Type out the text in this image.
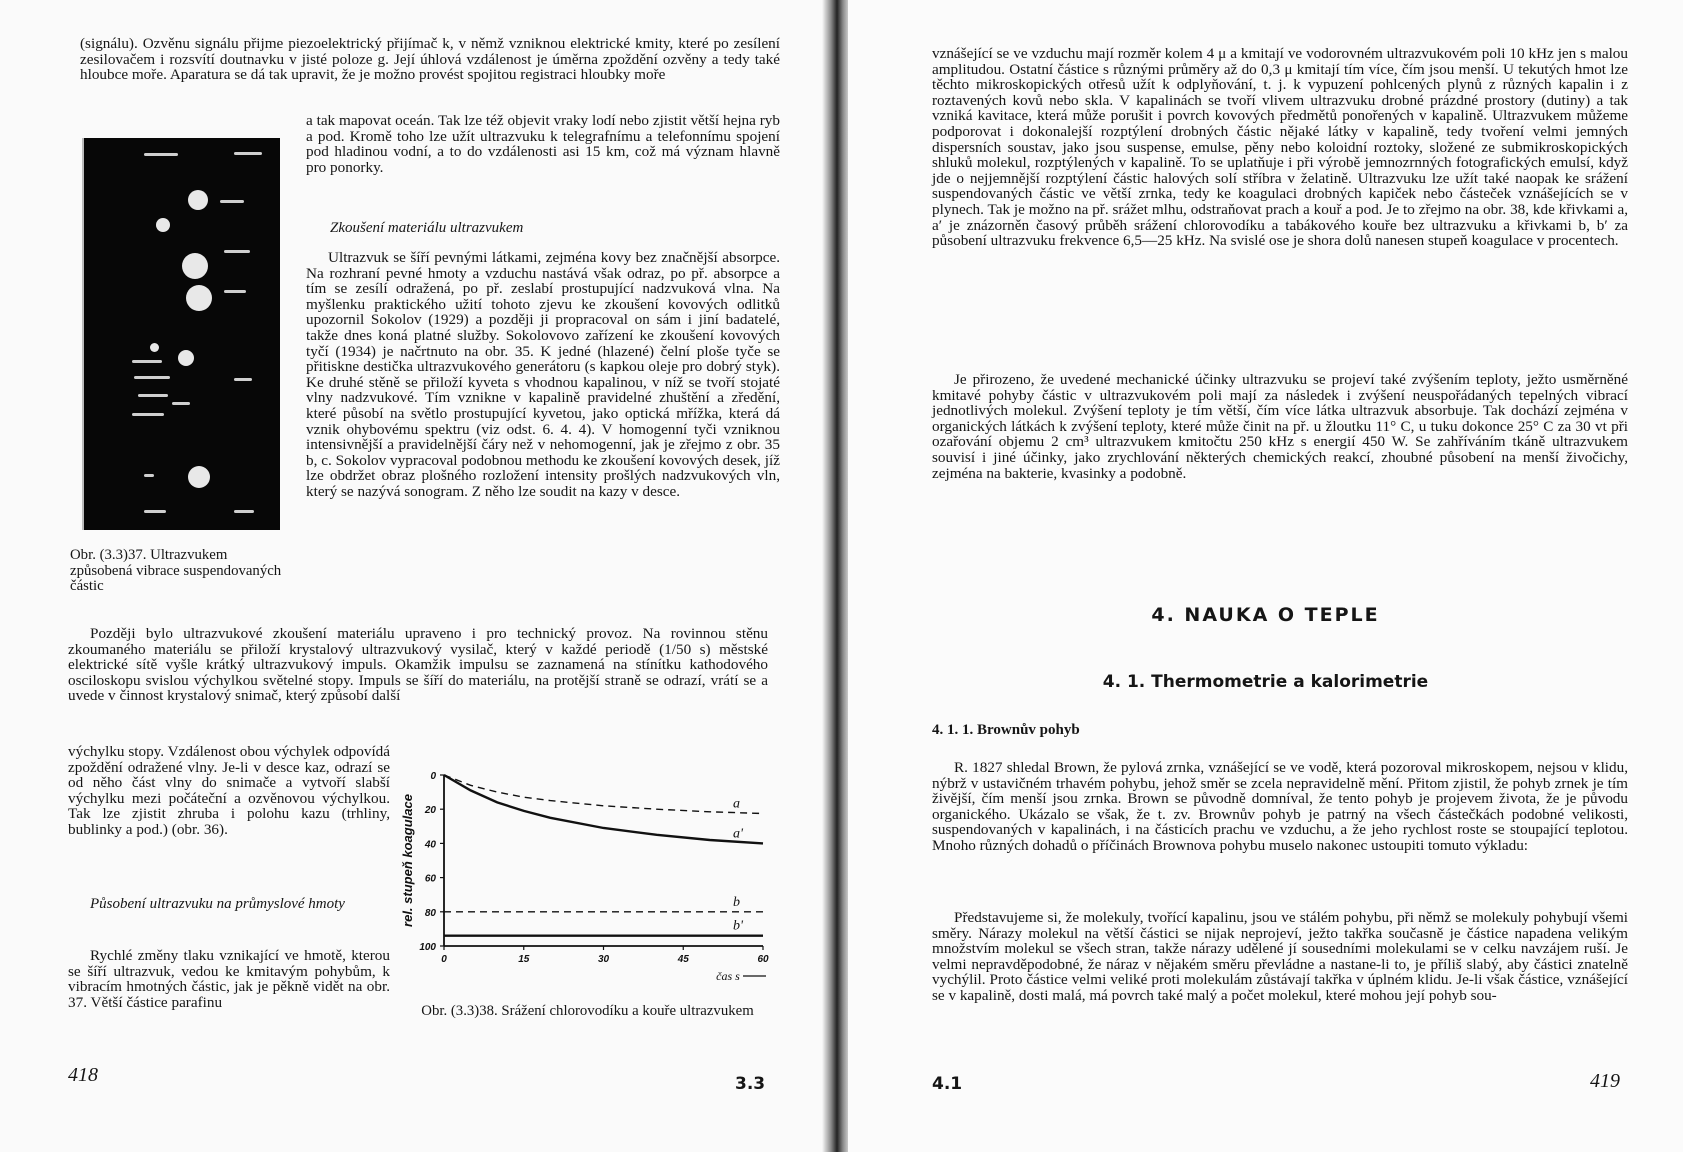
(signálu). Ozvěnu signálu přijme piezoelektrický přijímač k, v němž vzniknou elektrické kmity, které po zesílení zesilovačem i rozsvítí doutnavku v jisté poloze g. Její úhlová vzdálenost je úměrna zpoždění ozvěny a tedy také hloubce moře. Aparatura se dá tak upravit, že je možno provést spojitou registraci hloubky moře

a tak mapovat oceán. Tak lze též objevit vraky lodí nebo zjistit větší hejna ryb a pod. Kromě toho lze užít ultrazvuku k telegrafnímu a telefonnímu spojení pod hladinou vodní, a to do vzdálenosti asi 15 km, což má význam hlavně pro ponorky.

Zkoušení materiálu ultrazvukem

Ultrazvuk se šíří pevnými látkami, zejména kovy bez značnější absorpce. Na rozhraní pevné hmoty a vzduchu nastává však odraz, po př. absorpce a tím se zesílí odražená, po př. zeslabí prostupující nadzvuková vlna. Na myšlenku praktického užití tohoto zjevu ke zkoušení kovových odlitků upozornil Sokolov (1929) a později ji propracoval on sám i jiní badatelé, takže dnes koná platné služby. Sokolovovo zařízení ke zkoušení kovových tyčí (1934) je načrtnuto na obr. 35. K jedné (hlazené) čelní ploše tyče se přitiskne destička ultrazvukového generátoru (s kapkou oleje pro dobrý styk). Ke druhé stěně se přiloží kyveta s vhodnou kapalinou, v níž se tvoří stojaté vlny nadzvukové. Tím vznikne v kapalině pravidelné zhuštění a zředění, které působí na světlo prostupující kyvetou, jako optická mřížka, která dá vznik ohybovému spektru (viz odst. 6. 4. 4). V homogenní tyči vzniknou intensivnější a pravidelnější čáry než v nehomogenní, jak je zřejmo z obr. 35 b, c. Sokolov vypracoval podobnou methodu ke zkoušení kovových desek, jíž lze obdržet obraz plošného rozložení intensity prošlých nadzvukových vln, který se nazývá sonogram. Z něho lze soudit na kazy v desce.

Obr. (3.3)37. Ultrazvukem způsobená vibrace suspendovaných částic

Později bylo ultrazvukové zkoušení materiálu upraveno i pro technický provoz. Na rovinnou stěnu zkoumaného materiálu se přiloží krystalový ultrazvukový vysilač, který v každé periodě (1/50 s) městské elektrické sítě vyšle krátký ultrazvukový impuls. Okamžik impulsu se zaznamená na stínítku kathodového osciloskopu svislou výchylkou světelné stopy. Impuls se šíří do materiálu, na protější straně se odrazí, vrátí se a uvede v činnost krystalový snimač, který způsobí další

výchylku stopy. Vzdálenost obou výchylek odpovídá zpoždění odražené vlny. Je-li v desce kaz, odrazí se od něho část vlny do snimače a vytvoří slabší výchylku mezi počáteční a ozvěnovou výchylkou. Tak lze zjistit zhruba i polohu kazu (trhliny, bublinky a pod.) (obr. 36).

Působení ultrazvuku na průmyslové hmoty

Rychlé změny tlaku vznikající ve hmotě, kterou se šíří ultrazvuk, vedou ke kmitavým pohybům, k vibracím hmotných částic, jak je pěkně vidět na obr. 37. Větší částice parafinu

0
20
40
60
80
100
0	15	30	45	60
rel. stupeň koagulace
čas s
a
a'
b
b'

Obr. (3.3)38. Srážení chlorovodíku a kouře ultrazvukem

418	3.3

vznášející se ve vzduchu mají rozměr kolem 4 μ a kmitají ve vodorovném ultrazvukovém poli 10 kHz jen s malou amplitudou. Ostatní částice s různými průměry až do 0,3 μ kmitají tím více, čím jsou menší. U tekutých hmot lze těchto mikroskopických otřesů užít k odplyňování, t. j. k vypuzení pohlcených plynů z různých kapalin i z roztavených kovů nebo skla. V kapalinách se tvoří vlivem ultrazvuku drobné prázdné prostory (dutiny) a tak vzniká kavitace, která může porušit i povrch kovových předmětů ponořených v kapalině. Ultrazvukem můžeme podporovat i dokonalejší rozptýlení drobných částic nějaké látky v kapalině, tedy tvoření velmi jemných dispersních soustav, jako jsou suspense, emulse, pěny nebo koloidní roztoky, složené ze submikroskopických shluků molekul, rozptýlených v kapalině. To se uplatňuje i při výrobě jemnozrnných fotografických emulsí, když jde o nejjemnější rozptýlení částic halových solí stříbra v želatině. Ultrazvuku lze užít také naopak ke srážení suspendovaných částic ve větší zrnka, tedy ke koagulaci drobných kapiček nebo částeček vznášejících se v plynech. Tak je možno na př. srážet mlhu, odstraňovat prach a kouř a pod. Je to zřejmo na obr. 38, kde křivkami a, a′ je znázorněn časový průběh srážení chlorovodíku a tabákového kouře bez ultrazvuku a křivkami b, b′ za působení ultrazvuku frekvence 6,5—25 kHz. Na svislé ose je shora dolů nanesen stupeň koagulace v procentech.

Je přirozeno, že uvedené mechanické účinky ultrazvuku se projeví také zvýšením teploty, ježto usměrněné kmitavé pohyby částic v ultrazvukovém poli mají za následek i zvýšení neuspořádaných tepelných vibrací jednotlivých molekul. Zvýšení teploty je tím větší, čím více látka ultrazvuk absorbuje. Tak dochází zejména v organických látkách k zvýšení teploty, které může činit na př. u žloutku 11° C, u tuku dokonce 25° C za 30 vt při ozařování objemu 2 cm³ ultrazvukem kmitočtu 250 kHz s energií 450 W. Se zahříváním tkáně ultrazvukem souvisí i jiné účinky, jako zrychlování některých chemických reakcí, zhoubné působení na menší živočichy, zejména na bakterie, kvasinky a podobně.

4. NAUKA O TEPLE
4. 1. Thermometrie a kalorimetrie
4. 1. 1. Brownův pohyb

R. 1827 shledal Brown, že pylová zrnka, vznášející se ve vodě, která pozoroval mikroskopem, nejsou v klidu, nýbrž v ustavičném trhavém pohybu, jehož směr se zcela nepravidelně mění. Přitom zjistil, že pohyb zrnek je tím živější, čím menší jsou zrnka. Brown se původně domníval, že tento pohyb je projevem života, že je původu organického. Ukázalo se však, že t. zv. Brownův pohyb je patrný na všech částečkách podobné velikosti, suspendovaných v kapalinách, i na částicích prachu ve vzduchu, a že jeho rychlost roste se stoupající teplotou. Mnoho různých dohadů o příčinách Brownova pohybu muselo nakonec ustoupiti tomuto výkladu:

Představujeme si, že molekuly, tvořící kapalinu, jsou ve stálém pohybu, při němž se molekuly pohybují všemi směry. Nárazy molekul na větší částici se nijak neprojeví, ježto takřka současně je částice napadena velikým množstvím molekul se všech stran, takže nárazy udělené jí sousedními molekulami se v celku navzájem ruší. Je velmi nepravděpodobné, že náraz v nějakém směru převládne a nastane-li to, je příliš slabý, aby částici znatelně vychýlil. Proto částice velmi veliké proti molekulám zůstávají takřka v úplném klidu. Je-li však částice, vznášející se v kapalině, dosti malá, má povrch také malý a počet molekul, které mohou její pohyb sou-

4.1	419
